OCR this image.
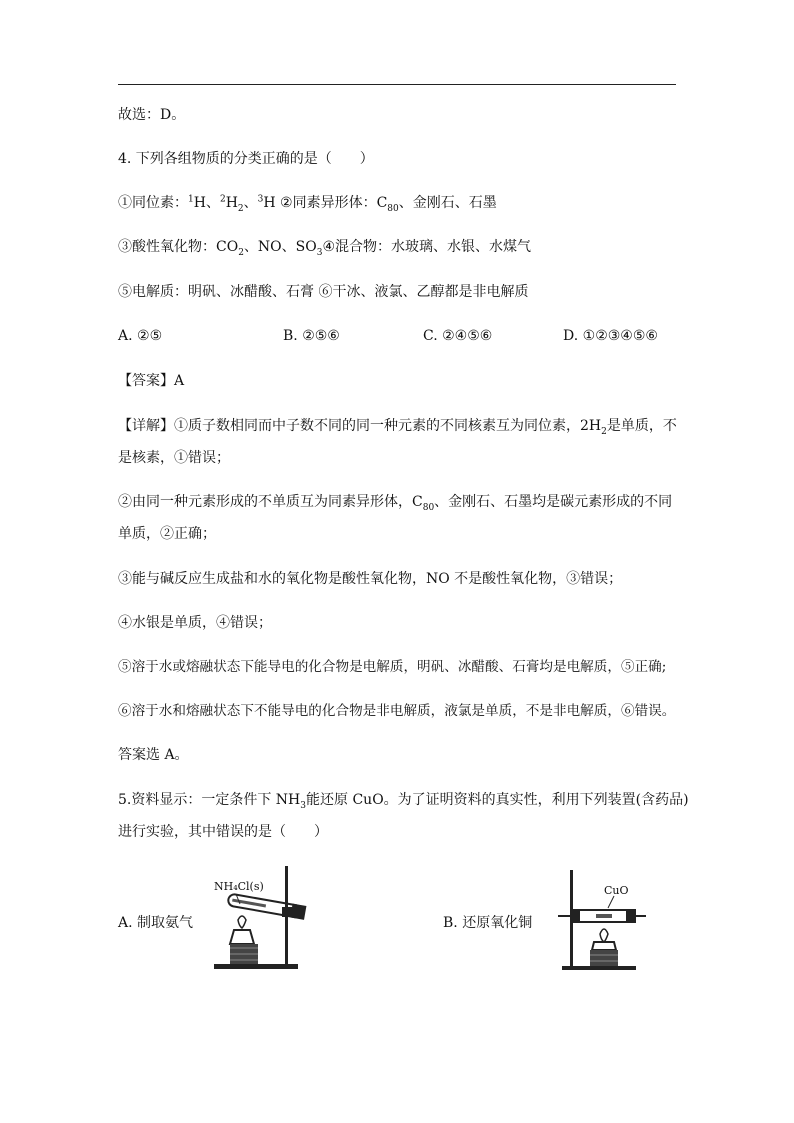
故选：D。
4. 下列各组物质的分类正确的是（　　）
①同位素：$^1$H、$^2H_2$、$^3$H ②同素异形体：$C_{80}$、金刚石、石墨
③酸性氧化物：$CO_2$、NO、$SO_3④$混合物：水玻璃、水银、水煤气
⑤电解质：明矾、冰醋酸、石膏 ⑥干冰、液氯、乙醇都是非电解质
A. ②⑤	B. ②⑤⑥	C. ②④⑤⑥	D. ①②③④⑤⑥
【答案】A
【详解】①质子数相同而中子数不同的同一种元素的不同核素互为同位素，$2H_2$是单质，不
是核素，①错误；
②由同一种元素形成的不单质互为同素异形体，$C_{80}$、金刚石、石墨均是碳元素形成的不同
单质，②正确；
③能与碱反应生成盐和水的氧化物是酸性氧化物，NO 不是酸性氧化物，③错误；
④水银是单质，④错误；
⑤溶于水或熔融状态下能导电的化合物是电解质，明矾、冰醋酸、石膏均是电解质，⑤正确;
⑥溶于水和熔融状态下不能导电的化合物是非电解质，液氯是单质，不是非电解质，⑥错误。
答案选 A。
5.资料显示：一定条件下 $NH_3$能还原 CuO。为了证明资料的真实性，利用下列装置(含药品)
进行实验，其中错误的是（　　）
A. 制取氨气
NH₄Cl(s)
B. 还原氧化铜
CuO
